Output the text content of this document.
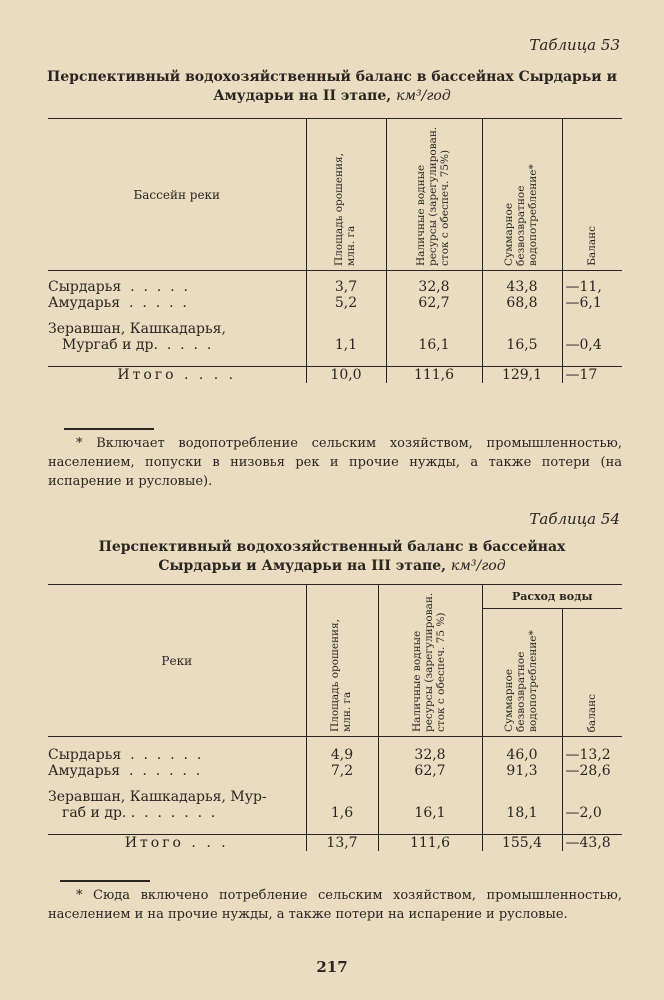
Таблица 53
Перспективный водохозяйственный баланс в бассейнах Сырдарьи и
Амударьи на II этапе, км³/год
Бассейн реки	Площадь орошения, млн. га	Наличные водные ресурсы (зарегулирован. сток с обеспеч. 75%)	Суммарное безвозвратное водопотребление*	Баланс
Сырдарья  .  .  .  .  .	3,7	32,8	43,8	—11,
Амударья  .  .  .  .  .	5,2	62,7	68,8	—6,1

Зеравшан, Кашкадарья,
Мургаб и др.  .  .  .  .	1,1	16,1	16,5	—0,4

Итого . . . .	10,0	111,6	129,1	—17
* Включает водопотребление сельским хозяйством, промышленностью, населением, попуски в низовья рек и прочие нужды, а также потери (на испарение и русловые).
Таблица 54
Перспективный водохозяйственный баланс в бассейнах
Сырдарьи и Амударьи на III этапе, км³/год
Реки	Площадь орошения, млн. га	Наличные водные ресурсы (зарегулирован. сток с обеспеч. 75 %)	Расход воды	
			Суммарное безвозвратное водопотребление*	баланс
Сырдарья  .  .  .  .  .  .	4,9	32,8	46,0	—13,2
Амударья  .  .  .  .  .  .	7,2	62,7	91,3	—28,6

Зеравшан, Кашкадарья, Мур-
габ и др. .  .  .  .  .  .  .	1,6	16,1	18,1	—2,0

Итого . . .	13,7	111,6	155,4	—43,8
* Сюда включено потребление сельским хозяйством, промышленностью, населением и на прочие нужды, а также потери на испарение и русловые.
217
